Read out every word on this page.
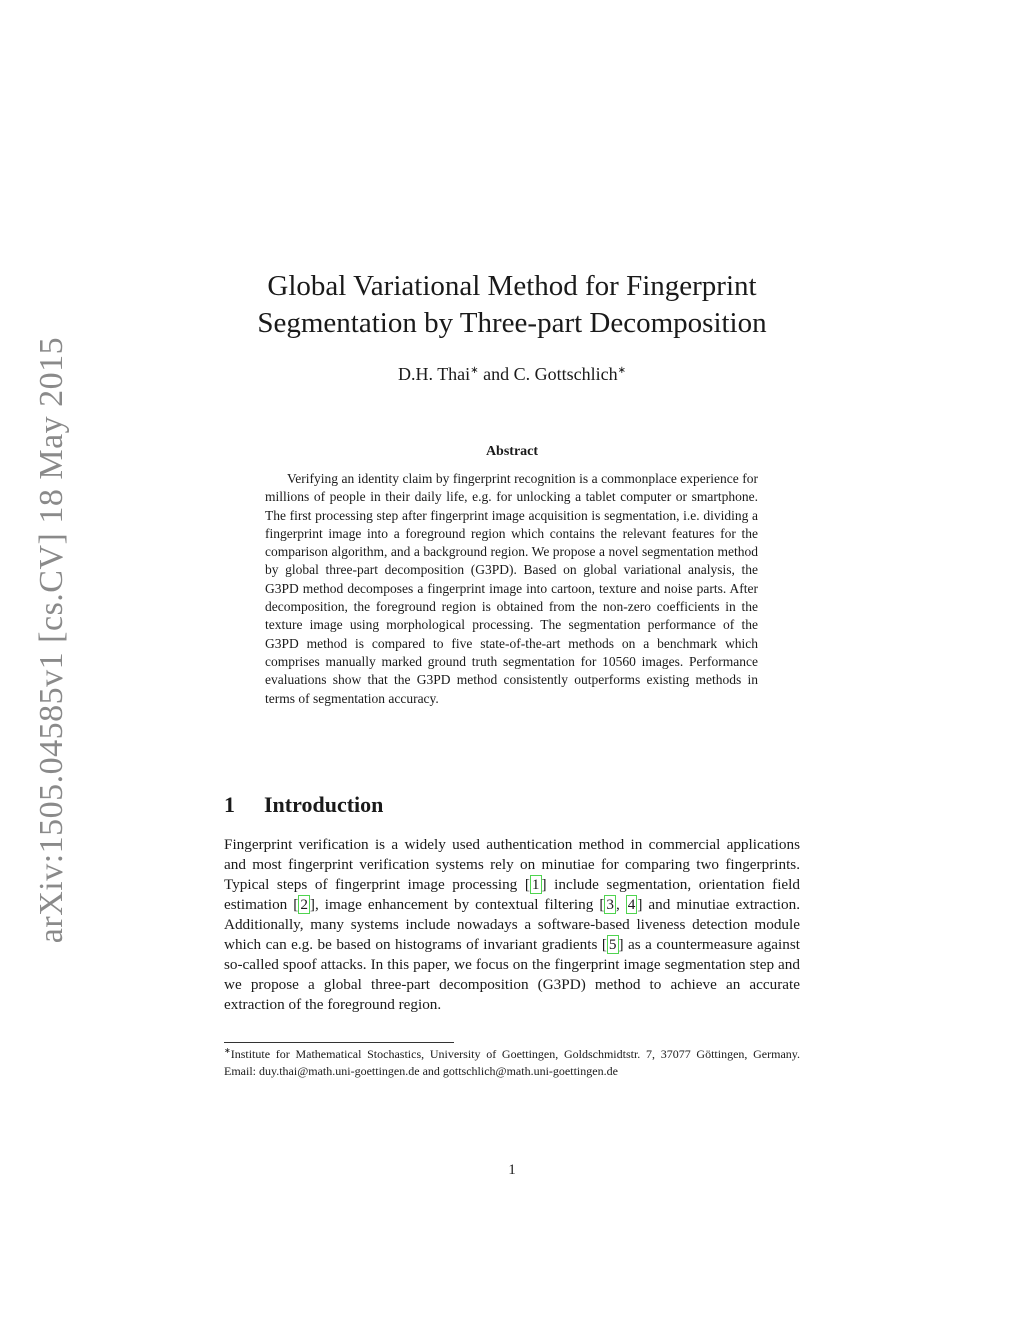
arXiv:1505.04585v1 [cs.CV] 18 May 2015
Global Variational Method for Fingerprint
Segmentation by Three-part Decomposition
D.H. Thai∗ and C. Gottschlich∗
Abstract

Verifying an identity claim by fingerprint recognition is a commonplace experience for millions of people in their daily life, e.g. for unlocking a tablet computer or smartphone. The first processing step after fingerprint image acquisition is segmentation, i.e. dividing a fingerprint image into a foreground region which contains the relevant features for the comparison algorithm, and a background region. We propose a novel segmentation method by global three-part decomposition (G3PD). Based on global variational analysis, the G3PD method decomposes a fingerprint image into cartoon, texture and noise parts. After decomposition, the foreground region is obtained from the non-zero coefficients in the texture image using morphological processing. The segmentation performance of the G3PD method is compared to five state-of-the-art methods on a benchmark which comprises manually marked ground truth segmentation for 10560 images. Performance evaluations show that the G3PD method consistently outperforms existing methods in terms of segmentation accuracy.

1 Introduction

Fingerprint verification is a widely used authentication method in commercial applications and most fingerprint verification systems rely on minutiae for comparing two fingerprints. Typical steps of fingerprint image processing [ 1 ] include segmentation, orientation field estimation [ 2 ], image enhancement by contextual filtering [ 3 , 4 ] and minutiae extraction. Additionally, many systems include nowadays a software-based liveness detection module which can e.g. be based on histograms of invariant gradients [ 5 ] as a countermeasure against so-called spoof attacks. In this paper, we focus on the fingerprint image segmentation step and we propose a global three-part decomposition (G3PD) method to achieve an accurate extraction of the foreground region.

∗Institute for Mathematical Stochastics, University of Goettingen, Goldschmidtstr. 7, 37077 Göttingen, Germany. Email: duy.thai@math.uni-goettingen.de and gottschlich@math.uni-goettingen.de

1
